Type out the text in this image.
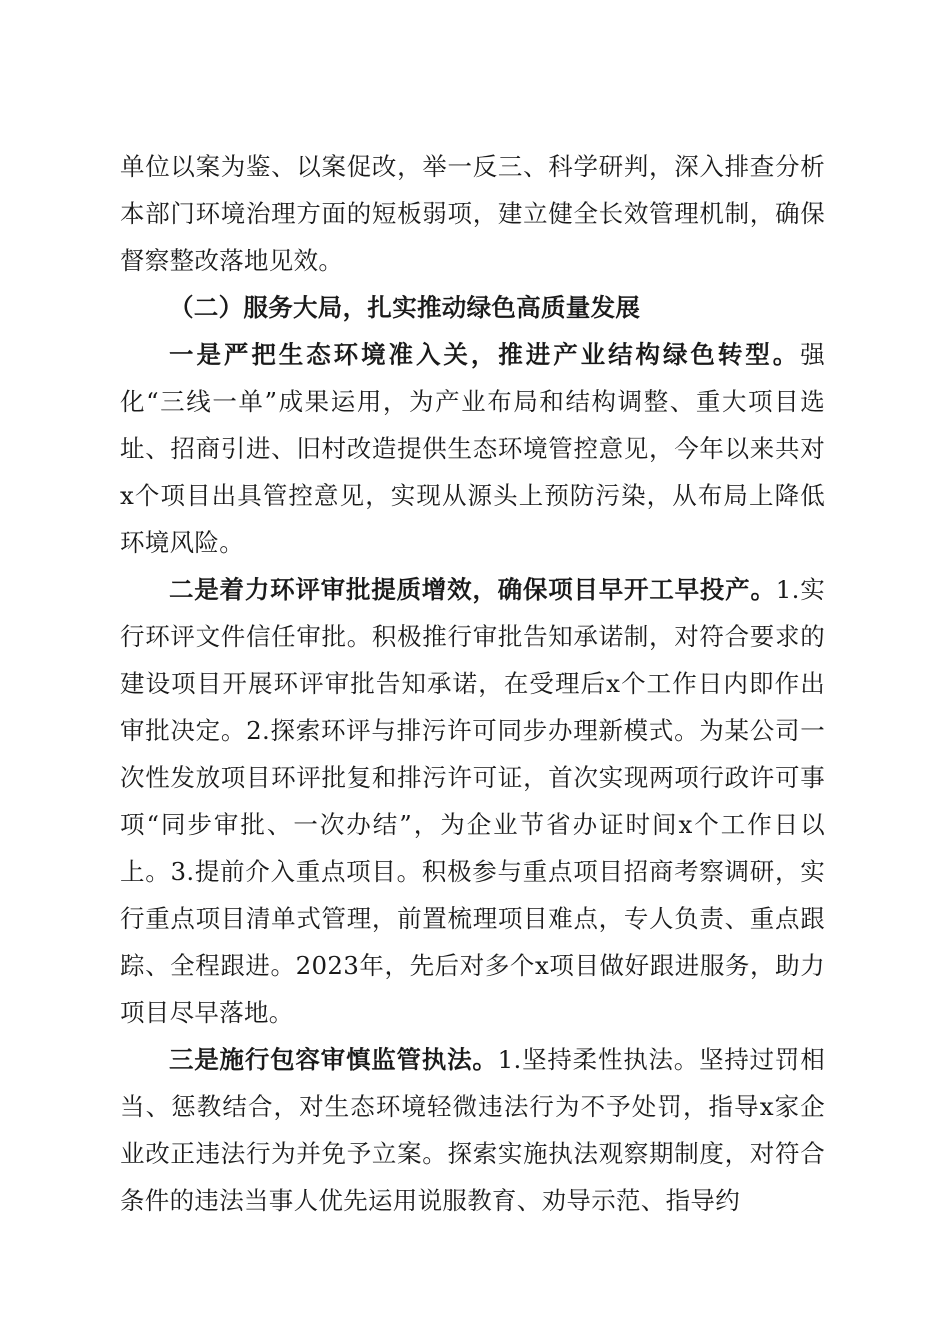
单位以案为鉴、以案促改，举一反三、科学研判，深入排查分析本部门环境治理方面的短板弱项，建立健全长效管理机制，确保督察整改落地见效。

（二）服务大局，扎实推动绿色高质量发展

一是严把生态环境准入关，推进产业结构绿色转型。强化“三线一单”成果运用，为产业布局和结构调整、重大项目选址、招商引进、旧村改造提供生态环境管控意见，今年以来共对x个项目出具管控意见，实现从源头上预防污染，从布局上降低环境风险。

二是着力环评审批提质增效，确保项目早开工早投产。1.实行环评文件信任审批。积极推行审批告知承诺制，对符合要求的建设项目开展环评审批告知承诺，在受理后x个工作日内即作出审批决定。2.探索环评与排污许可同步办理新模式。为某公司一次性发放项目环评批复和排污许可证，首次实现两项行政许可事项“同步审批、一次办结”，为企业节省办证时间x个工作日以上。3.提前介入重点项目。积极参与重点项目招商考察调研，实行重点项目清单式管理，前置梳理项目难点，专人负责、重点跟踪、全程跟进。2023年，先后对多个x项目做好跟进服务，助力项目尽早落地。

三是施行包容审慎监管执法。1.坚持柔性执法。坚持过罚相当、惩教结合，对生态环境轻微违法行为不予处罚，指导x家企业改正违法行为并免予立案。探索实施执法观察期制度，对符合条件的违法当事人优先运用说服教育、劝导示范、指导约
